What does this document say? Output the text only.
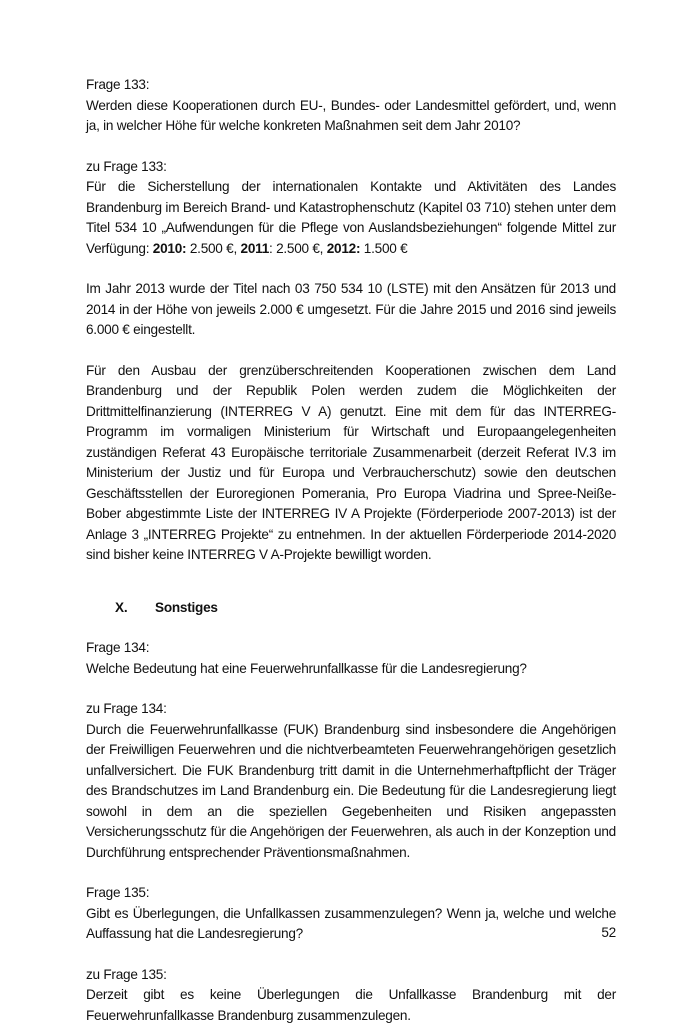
Frage 133:

Werden diese Kooperationen durch EU-, Bundes- oder Landesmittel gefördert, und, wenn ja, in welcher Höhe für welche konkreten Maßnahmen seit dem Jahr 2010?

zu Frage 133:

Für die Sicherstellung der internationalen Kontakte und Aktivitäten des Landes Brandenburg im Bereich Brand- und Katastrophenschutz (Kapitel 03 710) stehen unter dem Titel 534 10 „Aufwendungen für die Pflege von Auslandsbeziehungen“ folgende Mittel zur Verfügung: 2010: 2.500 €, 2011: 2.500 €, 2012: 1.500 €

Im Jahr 2013 wurde der Titel nach 03 750 534 10 (LSTE) mit den Ansätzen für 2013 und 2014 in der Höhe von jeweils 2.000 € umgesetzt. Für die Jahre 2015 und 2016 sind jeweils 6.000 € eingestellt.

Für den Ausbau der grenzüberschreitenden Kooperationen zwischen dem Land Brandenburg und der Republik Polen werden zudem die Möglichkeiten der Drittmittelfinanzierung (INTERREG V A) genutzt. Eine mit dem für das INTERREG-Programm im vormaligen Ministerium für Wirtschaft und Europaangelegenheiten zuständigen Referat 43 Europäische territoriale Zusammenarbeit (derzeit Referat IV.3 im Ministerium der Justiz und für Europa und Verbraucherschutz) sowie den deutschen Geschäftsstellen der Euroregionen Pomerania, Pro Europa Viadrina und Spree-Neiße-Bober abgestimmte Liste der INTERREG IV A Projekte (Förderperiode 2007-2013) ist der Anlage 3 „INTERREG Projekte“ zu entnehmen. In der aktuellen Förderperiode 2014-2020 sind bisher keine INTERREG V A-Projekte bewilligt worden.

X.	Sonstiges

Frage 134:

Welche Bedeutung hat eine Feuerwehrunfallkasse für die Landesregierung?

zu Frage 134:

Durch die Feuerwehrunfallkasse (FUK) Brandenburg sind insbesondere die Angehörigen der Freiwilligen Feuerwehren und die nichtverbeamteten Feuerwehrangehörigen gesetzlich unfallversichert. Die FUK Brandenburg tritt damit in die Unternehmerhaftpflicht der Träger des Brandschutzes im Land Brandenburg ein. Die Bedeutung für die Landesregierung liegt sowohl in dem an die speziellen Gegebenheiten und Risiken angepassten Versicherungsschutz für die Angehörigen der Feuerwehren, als auch in der Konzeption und Durchführung entsprechender Präventionsmaßnahmen.

Frage 135:

Gibt es Überlegungen, die Unfallkassen zusammenzulegen? Wenn ja, welche und welche Auffassung hat die Landesregierung?

zu Frage 135:

Derzeit gibt es keine Überlegungen die Unfallkasse Brandenburg mit der Feuerwehrunfallkasse Brandenburg zusammenzulegen.

52
